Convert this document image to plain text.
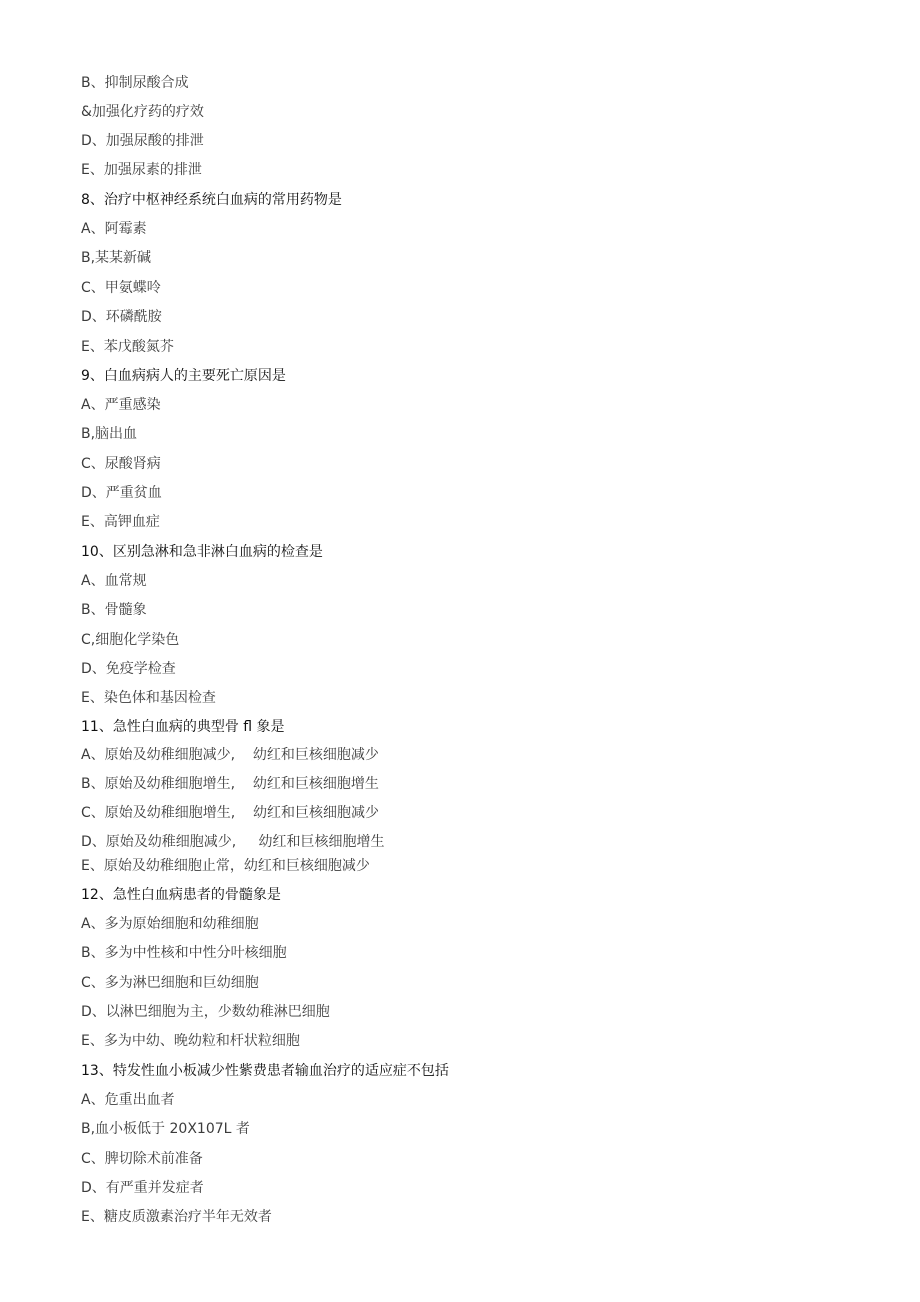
B、抑制尿酸合成
&加强化疗药的疗效
D、加强尿酸的排泄
E、加强尿素的排泄
8、治疗中枢神经系统白血病的常用药物是
A、阿霉素
B,某某新碱
C、甲氨蝶呤
D、环磷酰胺
E、苯戊酸氮芥
9、白血病病人的主要死亡原因是
A、严重感染
B,脑出血
C、尿酸肾病
D、严重贫血
E、高钾血症
10、区别急淋和急非淋白血病的检查是
A、血常规
B、骨髓象
C,细胞化学染色
D、免疫学检查
E、染色体和基因检查
11、急性白血病的典型骨 fl 象是
A、原始及幼稚细胞减少,    幼红和巨核细胞减少
B、原始及幼稚细胞增生,    幼红和巨核细胞增生
C、原始及幼稚细胞增生,    幼红和巨核细胞减少
D、原始及幼稚细胞减少,     幼红和巨核细胞增生
E、原始及幼稚细胞止常，幼红和巨核细胞减少
12、急性白血病患者的骨髓象是
A、多为原始细胞和幼稚细胞
B、多为中性核和中性分叶核细胞
C、多为淋巴细胞和巨幼细胞
D、以淋巴细胞为主，少数幼稚淋巴细胞
E、多为中幼、晚幼粒和杆状粒细胞
13、特发性血小板减少性紫费患者输血治疗的适应症不包括
A、危重出血者
B,血小板低于 20X107L 者
C、脾切除术前准备
D、有严重并发症者
E、糖皮质激素治疗半年无效者
